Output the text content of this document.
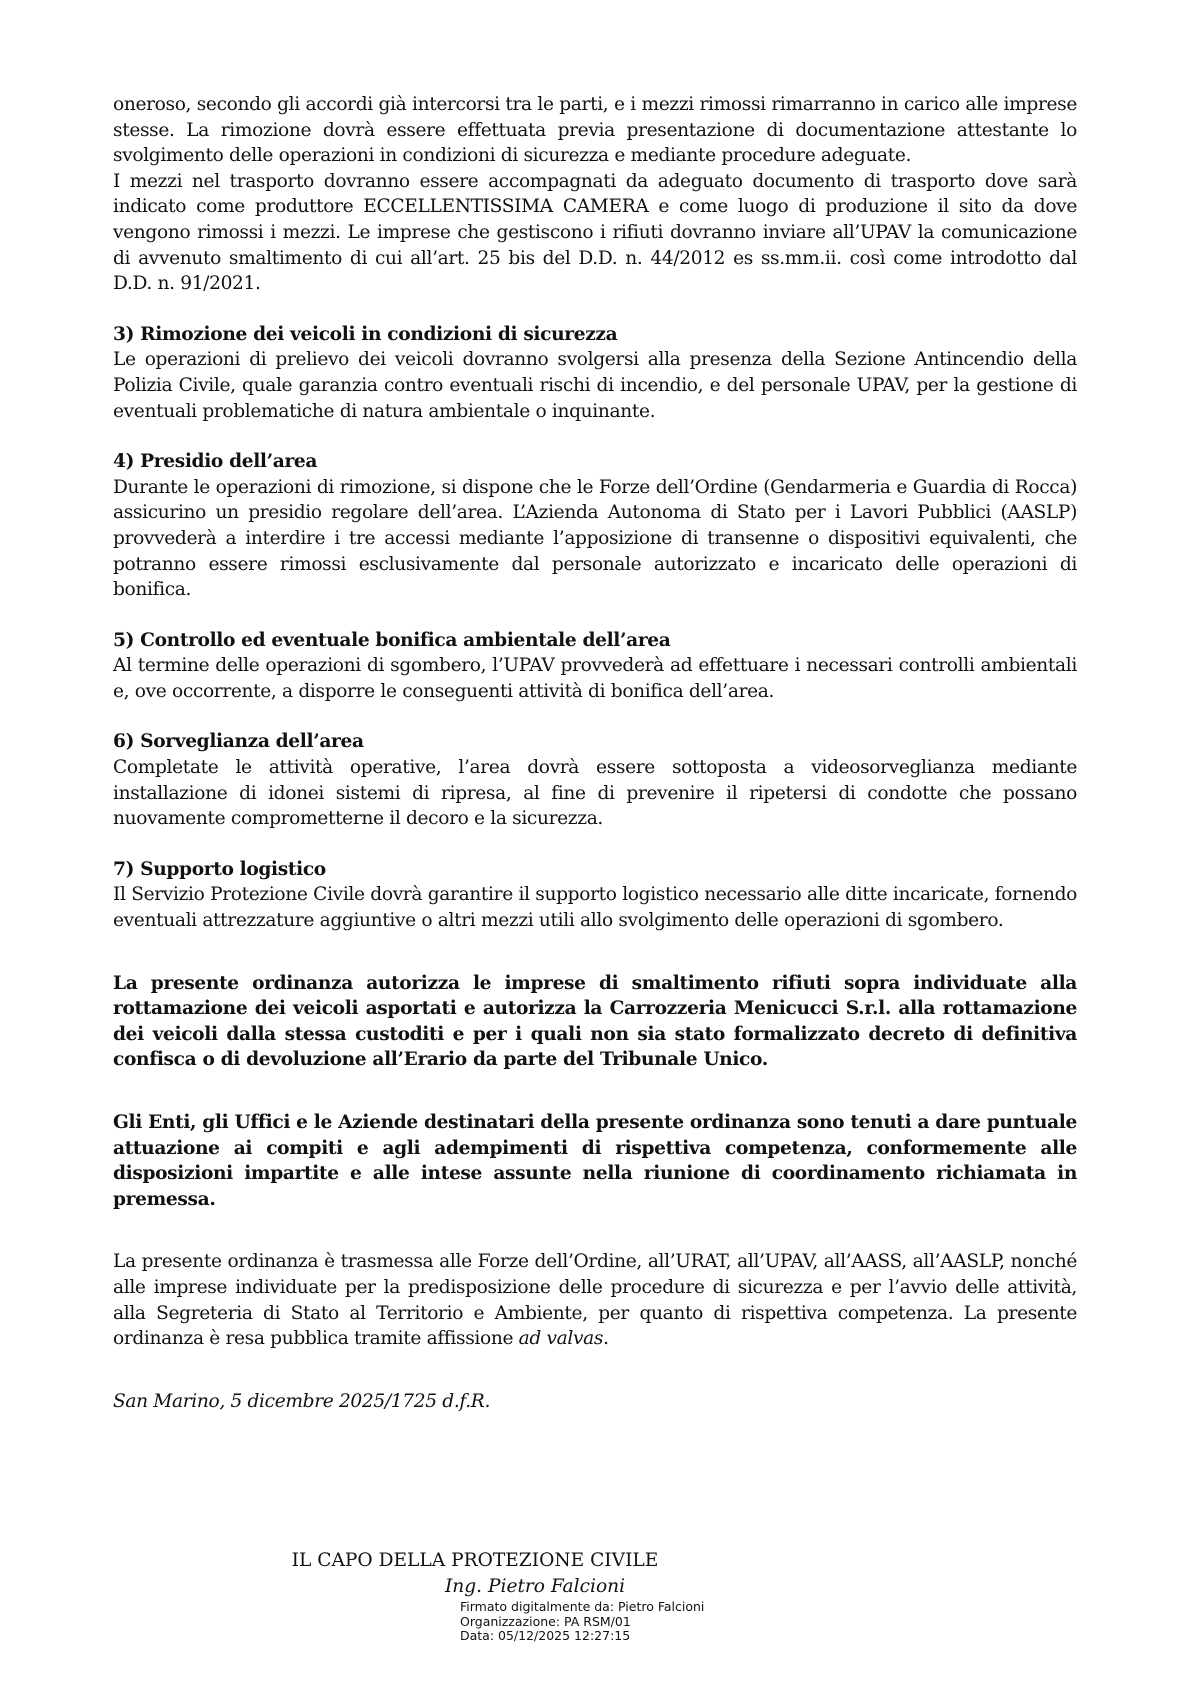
oneroso, secondo gli accordi già intercorsi tra le parti, e i mezzi rimossi rimarranno in carico alle imprese stesse. La rimozione dovrà essere effettuata previa presentazione di documentazione attestante lo svolgimento delle operazioni in condizioni di sicurezza e mediante procedure adeguate.

I mezzi nel trasporto dovranno essere accompagnati da adeguato documento di trasporto dove sarà indicato come produttore ECCELLENTISSIMA CAMERA e come luogo di produzione il sito da dove vengono rimossi i mezzi. Le imprese che gestiscono i rifiuti dovranno inviare all’UPAV la comunicazione di avvenuto smaltimento di cui all’art. 25 bis del D.D. n. 44/2012 es ss.mm.ii. così come introdotto dal D.D. n. 91/2021.

3) Rimozione dei veicoli in condizioni di sicurezza

Le operazioni di prelievo dei veicoli dovranno svolgersi alla presenza della Sezione Antincendio della Polizia Civile, quale garanzia contro eventuali rischi di incendio, e del personale UPAV, per la gestione di eventuali problematiche di natura ambientale o inquinante.

4) Presidio dell’area

Durante le operazioni di rimozione, si dispone che le Forze dell’Ordine (Gendarmeria e Guardia di Rocca) assicurino un presidio regolare dell’area. L’Azienda Autonoma di Stato per i Lavori Pubblici (AASLP) provvederà a interdire i tre accessi mediante l’apposizione di transenne o dispositivi equivalenti, che potranno essere rimossi esclusivamente dal personale autorizzato e incaricato delle operazioni di bonifica.

5) Controllo ed eventuale bonifica ambientale dell’area

Al termine delle operazioni di sgombero, l’UPAV provvederà ad effettuare i necessari controlli ambientali e, ove occorrente, a disporre le conseguenti attività di bonifica dell’area.

6) Sorveglianza dell’area

Completate le attività operative, l’area dovrà essere sottoposta a videosorveglianza mediante installazione di idonei sistemi di ripresa, al fine di prevenire il ripetersi di condotte che possano nuovamente comprometterne il decoro e la sicurezza.

7) Supporto logistico

Il Servizio Protezione Civile dovrà garantire il supporto logistico necessario alle ditte incaricate, fornendo eventuali attrezzature aggiuntive o altri mezzi utili allo svolgimento delle operazioni di sgombero.

La presente ordinanza autorizza le imprese di smaltimento rifiuti sopra individuate alla rottamazione dei veicoli asportati e autorizza la Carrozzeria Menicucci S.r.l. alla rottamazione dei veicoli dalla stessa custoditi e per i quali non sia stato formalizzato decreto di definitiva confisca o di devoluzione all’Erario da parte del Tribunale Unico.

Gli Enti, gli Uffici e le Aziende destinatari della presente ordinanza sono tenuti a dare puntuale attuazione ai compiti e agli adempimenti di rispettiva competenza, conformemente alle disposizioni impartite e alle intese assunte nella riunione di coordinamento richiamata in premessa.

La presente ordinanza è trasmessa alle Forze dell’Ordine, all’URAT, all’UPAV, all’AASS, all’AASLP, nonché alle imprese individuate per la predisposizione delle procedure di sicurezza e per l’avvio delle attività, alla Segreteria di Stato al Territorio e Ambiente, per quanto di rispettiva competenza. La presente ordinanza è resa pubblica tramite affissione ad valvas.

San Marino, 5 dicembre 2025/1725 d.f.R.

IL CAPO DELLA PROTEZIONE CIVILE
Ing. Pietro Falcioni
Firmato digitalmente da: Pietro Falcioni
Organizzazione: PA RSM/01
Data: 05/12/2025 12:27:15
